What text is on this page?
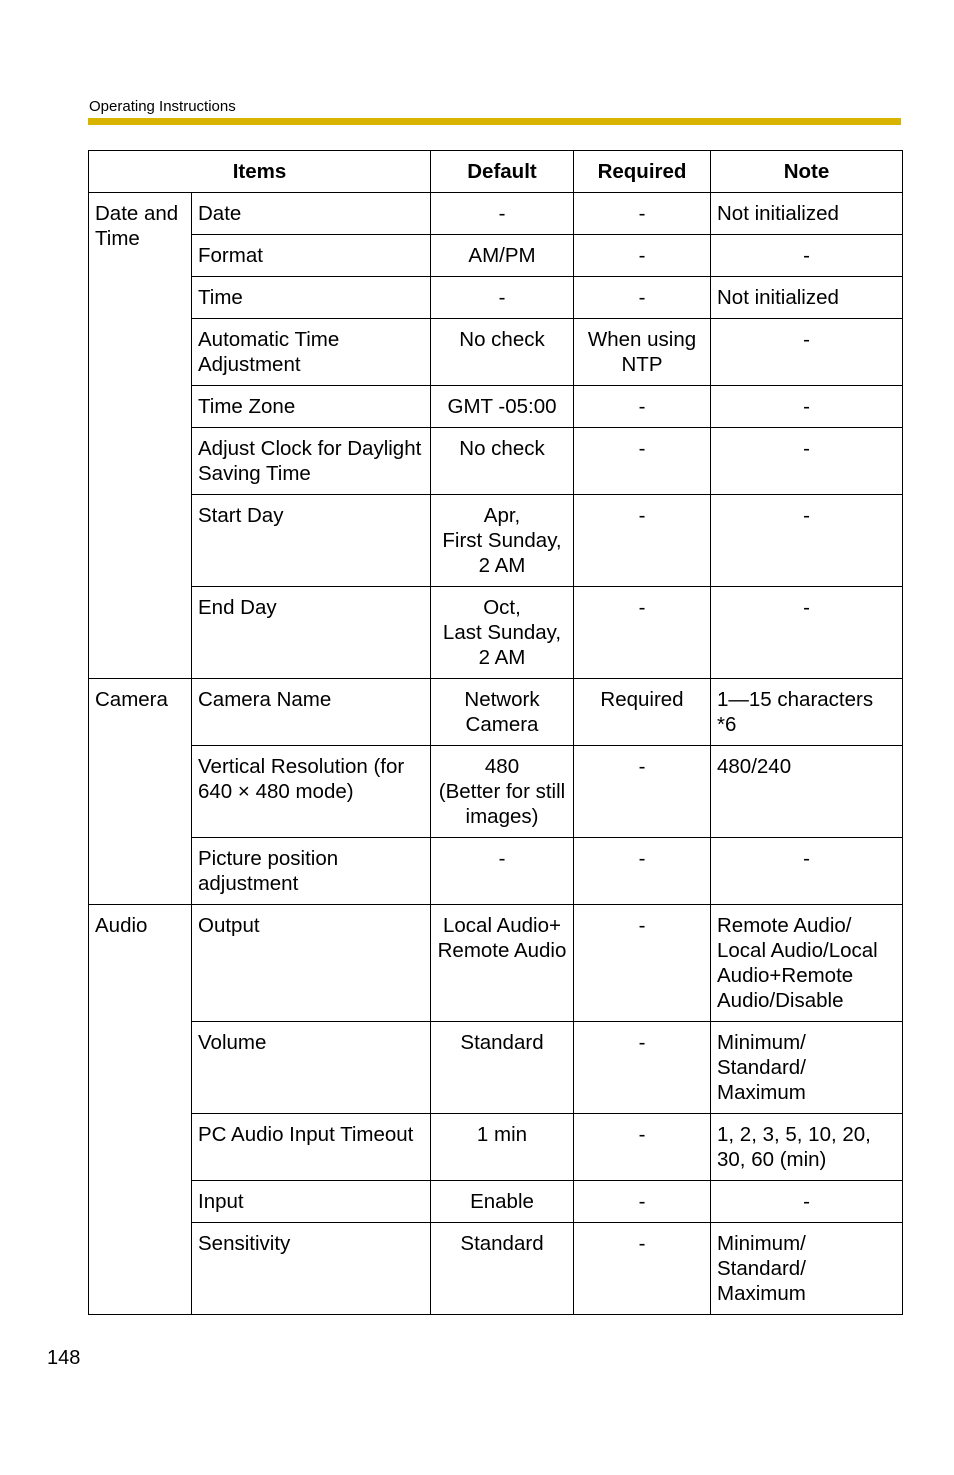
Operating Instructions
Items		Default	Required	Note
Date and Time	Date	-	-	Not initialized
	Format	AM/PM	-	-
	Time	-	-	Not initialized
	Automatic Time Adjustment	No check	When using NTP	-
	Time Zone	GMT -05:00	-	-
	Adjust Clock for Daylight Saving Time	No check	-	-
	Start Day	Apr,
First Sunday,
2 AM	-	-
	End Day	Oct,
Last Sunday,
2 AM	-	-
Camera	Camera Name	Network Camera	Required	1—15 characters *6
	Vertical Resolution (for 640 × 480 mode)	480
(Better for still images)	-	480/240
	Picture position adjustment	-	-	-
Audio	Output	Local Audio+ Remote Audio	-	Remote Audio/ Local Audio/Local Audio+Remote Audio/Disable
	Volume	Standard	-	Minimum/ Standard/ Maximum
	PC Audio Input Timeout	1 min	-	1, 2, 3, 5, 10, 20, 30, 60 (min)
	Input	Enable	-	-
	Sensitivity	Standard	-	Minimum/ Standard/ Maximum
148
